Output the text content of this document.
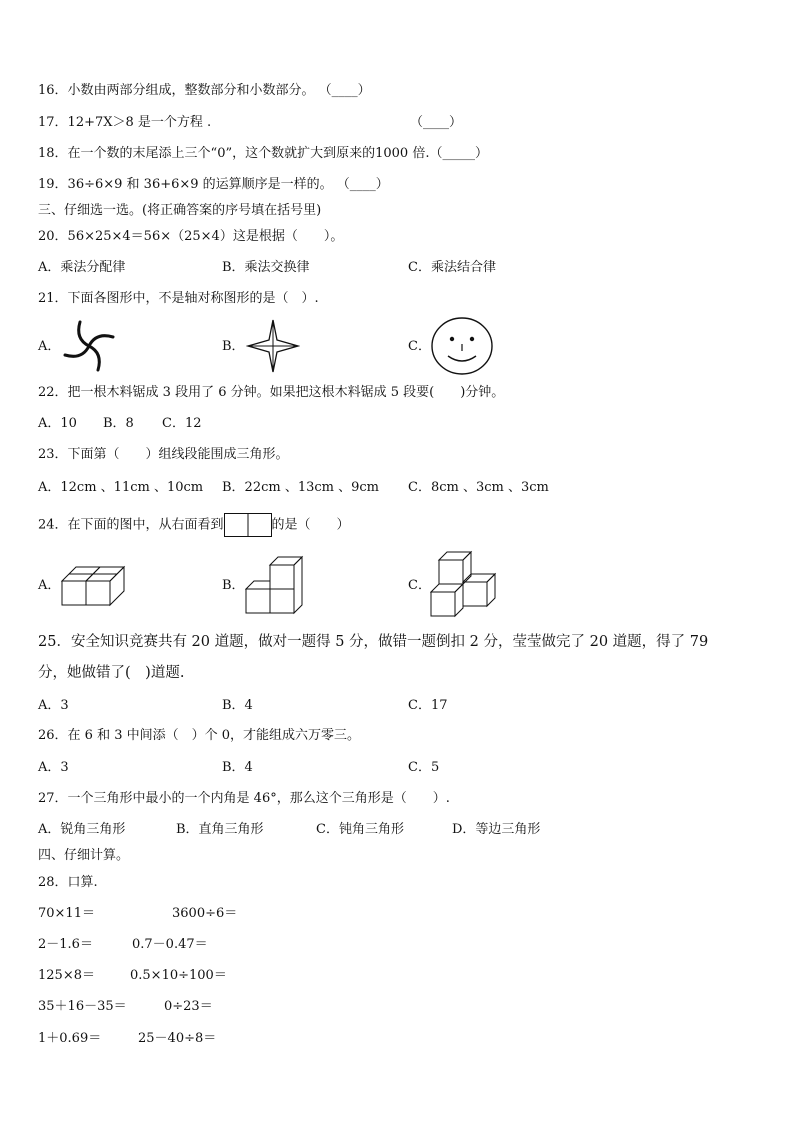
16．小数由两部分组成，整数部分和小数部分。 （____）
17．12+7X＞8 是一个方程 .	（____）
18．在一个数的末尾添上三个“0”，这个数就扩大到原来的1000 倍.（_____）
19．36÷6×9 和 36+6×9 的运算顺序是一样的。 （____）
三、仔细选一选。(将正确答案的序号填在括号里)
20．56×25×4＝56×（25×4）这是根据（　　）。
A．乘法分配律	B．乘法交换律	C．乘法结合律
21．下面各图形中，不是轴对称图形的是（　）.
A．	B．	C．
22．把一根木料锯成 3 段用了 6 分钟。如果把这根木料锯成 5 段要(　　)分钟。
A．10 B．8 C．12
23．下面第（　　）组线段能围成三角形。
A．12cm 、11cm 、10cm B．22cm 、13cm 、9cm C．8cm 、3cm 、3cm
24．在下面的图中，从右面看到	的是（　　）
A．	B．	C．
25．安全知识竞赛共有 20 道题，做对一题得 5 分，做错一题倒扣 2 分，莹莹做完了 20 道题，得了 79
分，她做错了(　)道题.
A．3	B．4	C．17
26．在 6 和 3 中间添（　）个 0，才能组成六万零三。
A．3	B．4	C．5
27．一个三角形中最小的一个内角是 46°，那么这个三角形是（　　）.
A．锐角三角形	B．直角三角形	C．钝角三角形	D．等边三角形
四、仔细计算。
28．口算.
70×11＝	3600÷6＝
2－1.6＝	0.7－0.47＝
125×8＝	0.5×10÷100＝
35＋16－35＝	0÷23＝
1＋0.69＝	25－40÷8＝
